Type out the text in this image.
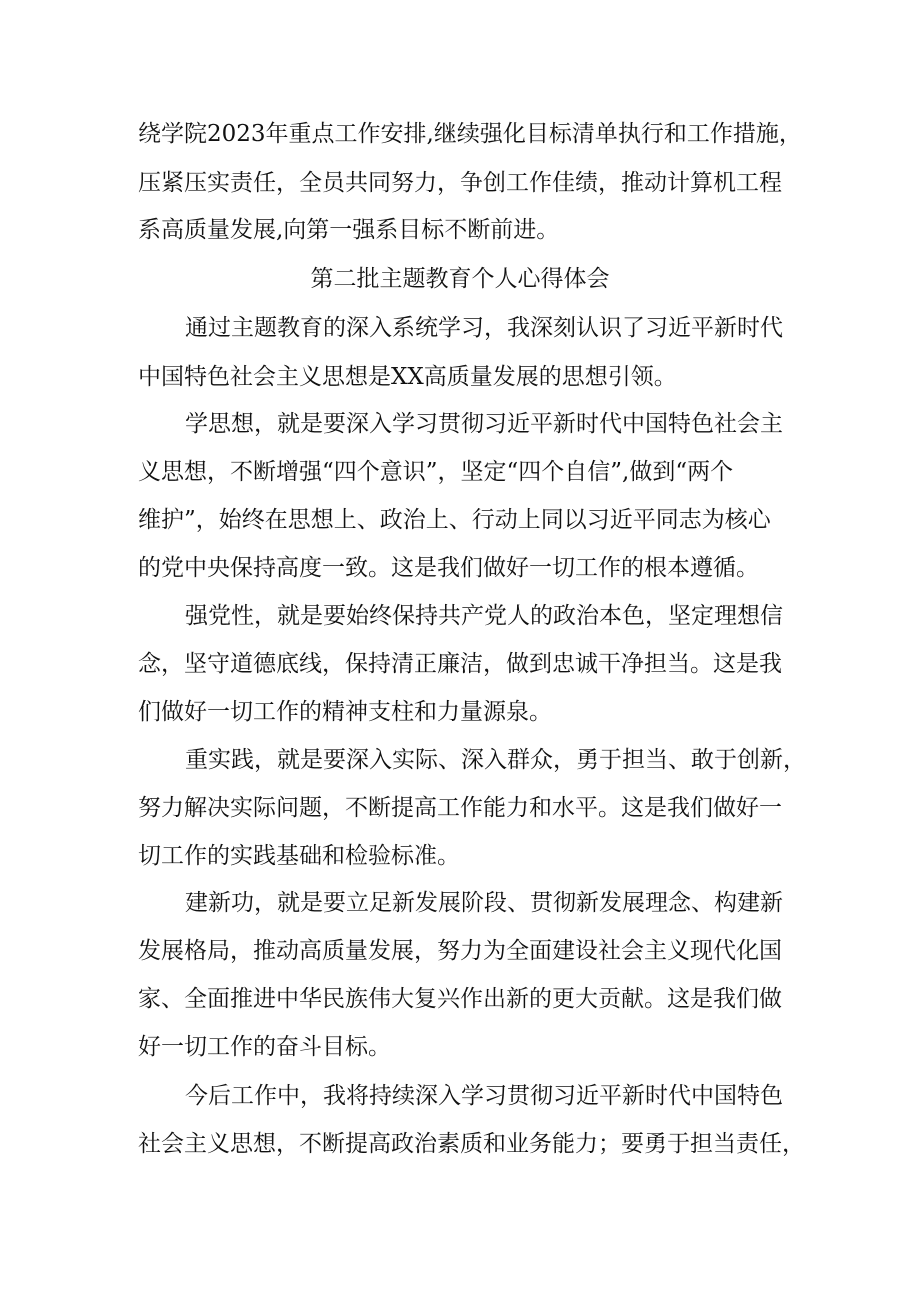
绕学院2023年重点工作安排,继续强化目标清单执行和工作措施，
压紧压实责任，全员共同努力，争创工作佳绩，推动计算机工程
系高质量发展,向第一强系目标不断前进。
第二批主题教育个人心得体会
通过主题教育的深入系统学习，我深刻认识了习近平新时代
中国特色社会主义思想是XX高质量发展的思想引领。
学思想，就是要深入学习贯彻习近平新时代中国特色社会主
义思想，不断增强“四个意识”，坚定“四个自信”,做到“两个
维护”，始终在思想上、政治上、行动上同以习近平同志为核心
的党中央保持高度一致。这是我们做好一切工作的根本遵循。
强党性，就是要始终保持共产党人的政治本色，坚定理想信
念，坚守道德底线，保持清正廉洁，做到忠诚干净担当。这是我
们做好一切工作的精神支柱和力量源泉。
重实践，就是要深入实际、深入群众，勇于担当、敢于创新，
努力解决实际问题，不断提高工作能力和水平。这是我们做好一
切工作的实践基础和检验标准。
建新功，就是要立足新发展阶段、贯彻新发展理念、构建新
发展格局，推动高质量发展，努力为全面建设社会主义现代化国
家、全面推进中华民族伟大复兴作出新的更大贡献。这是我们做
好一切工作的奋斗目标。
今后工作中，我将持续深入学习贯彻习近平新时代中国特色
社会主义思想，不断提高政治素质和业务能力；要勇于担当责任，
